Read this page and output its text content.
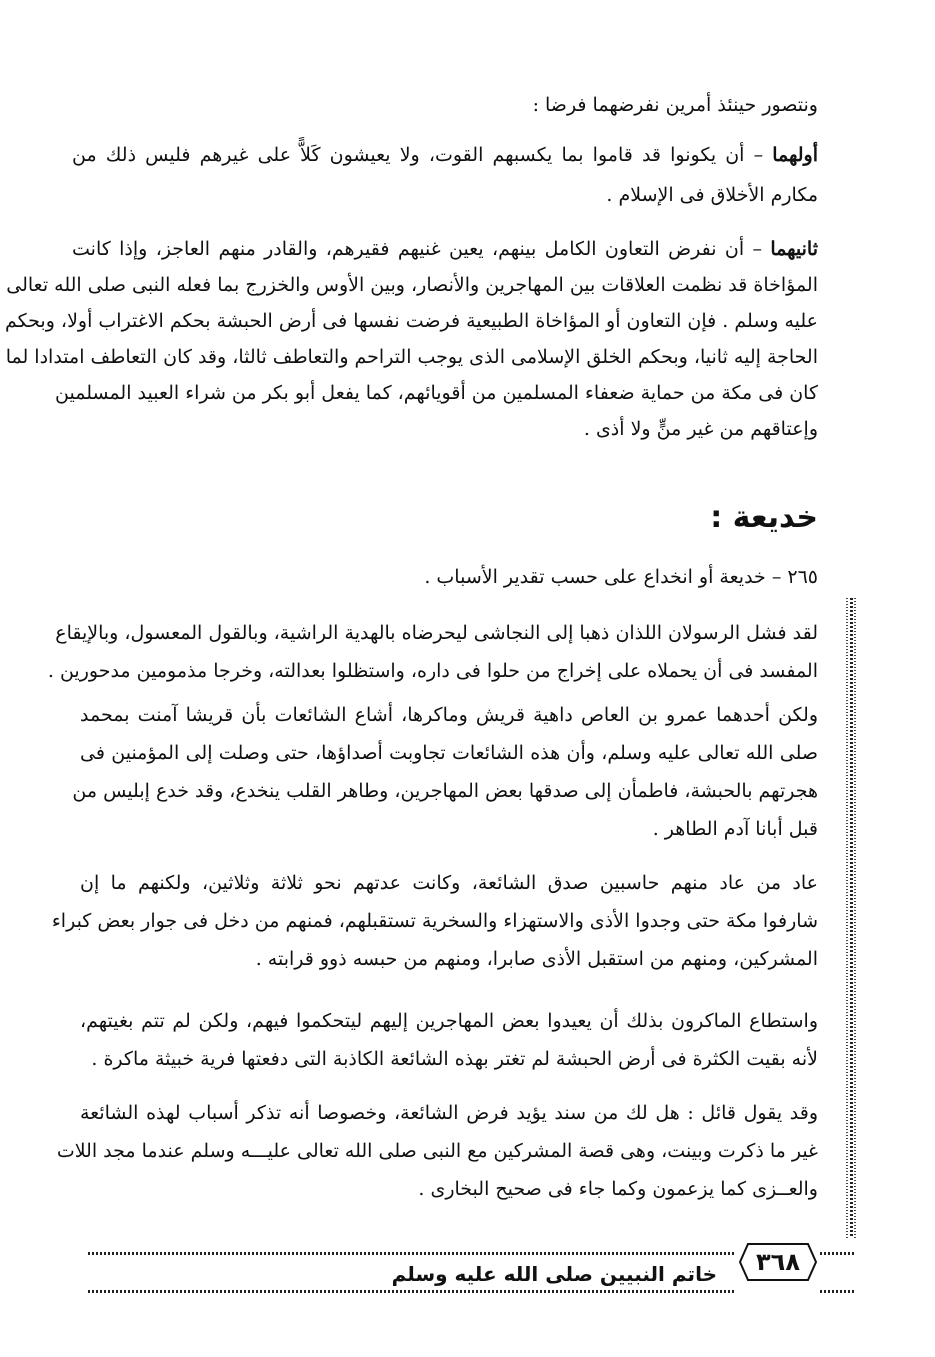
ونتصور حينئذ أمرين نفرضهما فرضا :
أولهما – أن يكونوا قد قاموا بما يكسبهم القوت، ولا يعيشون كَلاًّ على غيرهم فليس ذلك من
مكارم الأخلاق فى الإسلام .
ثانيهما – أن نفرض التعاون الكامل بينهم، يعين غنيهم فقيرهم، والقادر منهم العاجز، وإذا كانت
المؤاخاة قد نظمت العلاقات بين المهاجرين والأنصار، وبين الأوس والخزرج بما فعله النبى صلى الله تعالى
عليه وسلم . فإن التعاون أو المؤاخاة الطبيعية فرضت نفسها فى أرض الحبشة بحكم الاغتراب أولا، وبحكم
الحاجة إليه ثانيا، وبحكم الخلق الإسلامى الذى يوجب التراحم والتعاطف ثالثا، وقد كان التعاطف امتدادا لما
كان فى مكة من حماية ضعفاء المسلمين من أقويائهم، كما يفعل أبو بكر من شراء العبيد المسلمين
وإعتاقهم من غير منٍّ ولا أذى .
خديعة :
٢٦٥ – خديعة أو انخداع على حسب تقدير الأسباب .
لقد فشل الرسولان اللذان ذهبا إلى النجاشى ليحرضاه بالهدية الراشية، وبالقول المعسول، وبالإيقاع
المفسد فى أن يحملاه على إخراج من حلوا فى داره، واستظلوا بعدالته، وخرجا مذمومين مدحورين .
ولكن أحدهما عمرو بن العاص داهية قريش وماكرها، أشاع الشائعات بأن قريشا آمنت بمحمد
صلى الله تعالى عليه وسلم، وأن هذه الشائعات تجاوبت أصداؤها، حتى وصلت إلى المؤمنين فى
هجرتهم بالحبشة، فاطمأن إلى صدقها بعض المهاجرين، وطاهر القلب ينخدع، وقد خدع إبليس من
قبل أبانا آدم الطاهر .
عاد من عاد منهم حاسبين صدق الشائعة، وكانت عدتهم نحو ثلاثة وثلاثين، ولكنهم ما إن
شارفوا مكة حتى وجدوا الأذى والاستهزاء والسخرية تستقبلهم، فمنهم من دخل فى جوار بعض كبراء
المشركين، ومنهم من استقبل الأذى صابرا، ومنهم من حبسه ذوو قرابته .
واستطاع الماكرون بذلك أن يعيدوا بعض المهاجرين إليهم ليتحكموا فيهم، ولكن لم تتم بغيتهم،
لأنه بقيت الكثرة فى أرض الحبشة لم تغتر بهذه الشائعة الكاذبة التى دفعتها فرية خبيثة ماكرة .
وقد يقول قائل : هل لك من سند يؤيد فرض الشائعة، وخصوصا أنه تذكر أسباب لهذه الشائعة
غير ما ذكرت وبينت، وهى قصة المشركين مع النبى صلى الله تعالى عليـــه وسلم عندما مجد اللات
والعــزى كما يزعمون وكما جاء فى صحيح البخارى .
٣٦٨
خاتم النبيين صلى الله عليه وسلم
